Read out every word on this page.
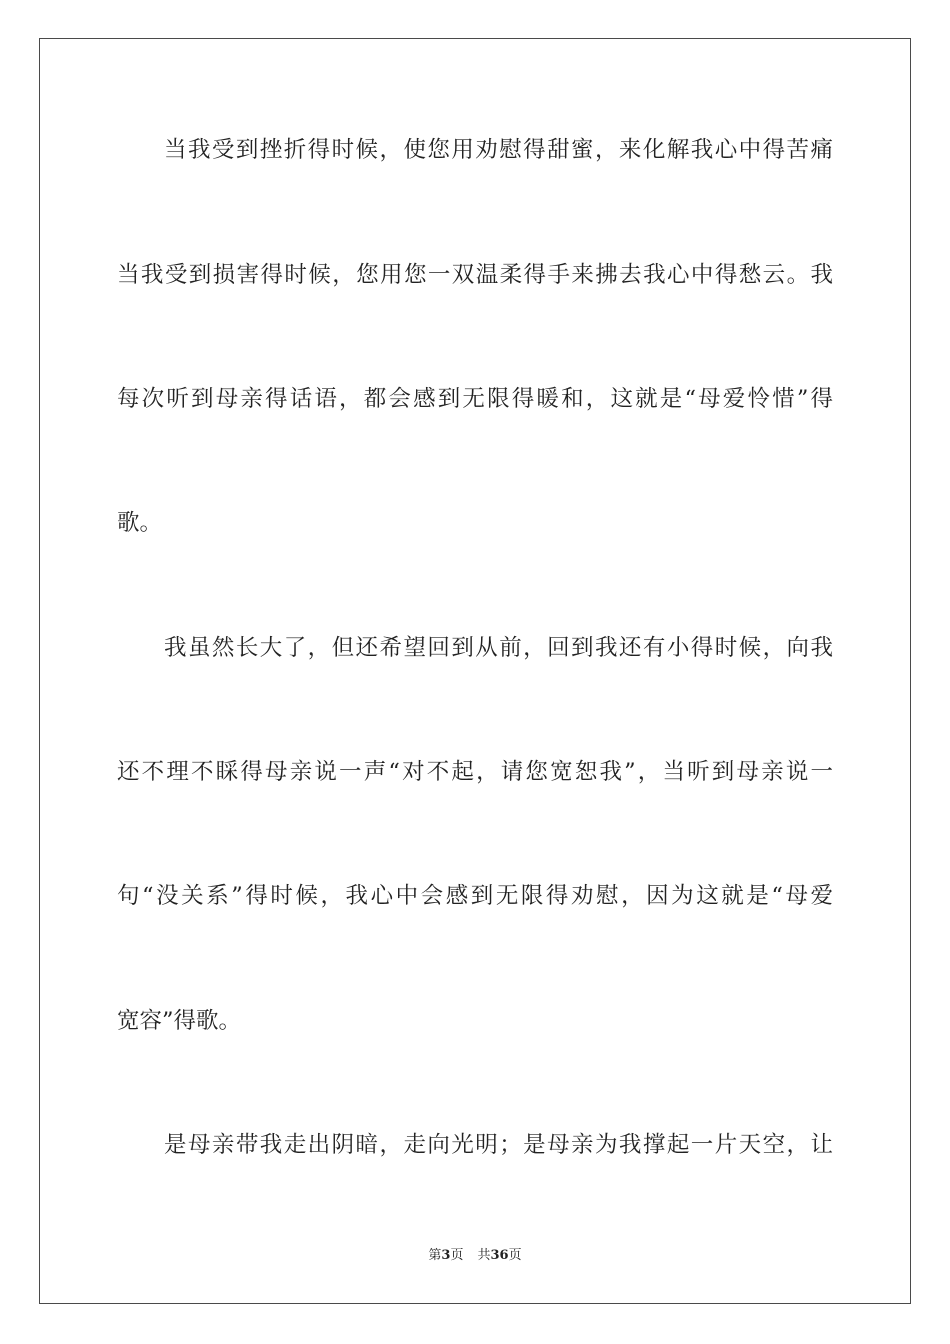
当我受到挫折得时候，使您用劝慰得甜蜜，来化解我心中得苦痛
当我受到损害得时候，您用您一双温柔得手来拂去我心中得愁云。我
每次听到母亲得话语，都会感到无限得暖和，这就是“母爱怜惜”得
歌。
我虽然长大了，但还希望回到从前，回到我还有小得时候，向我
还不理不睬得母亲说一声“对不起，请您宽恕我”，当听到母亲说一
句“没关系”得时候，我心中会感到无限得劝慰，因为这就是“母爱
宽容”得歌。
是母亲带我走出阴暗，走向光明；是母亲为我撑起一片天空，让
第3页 共36页
